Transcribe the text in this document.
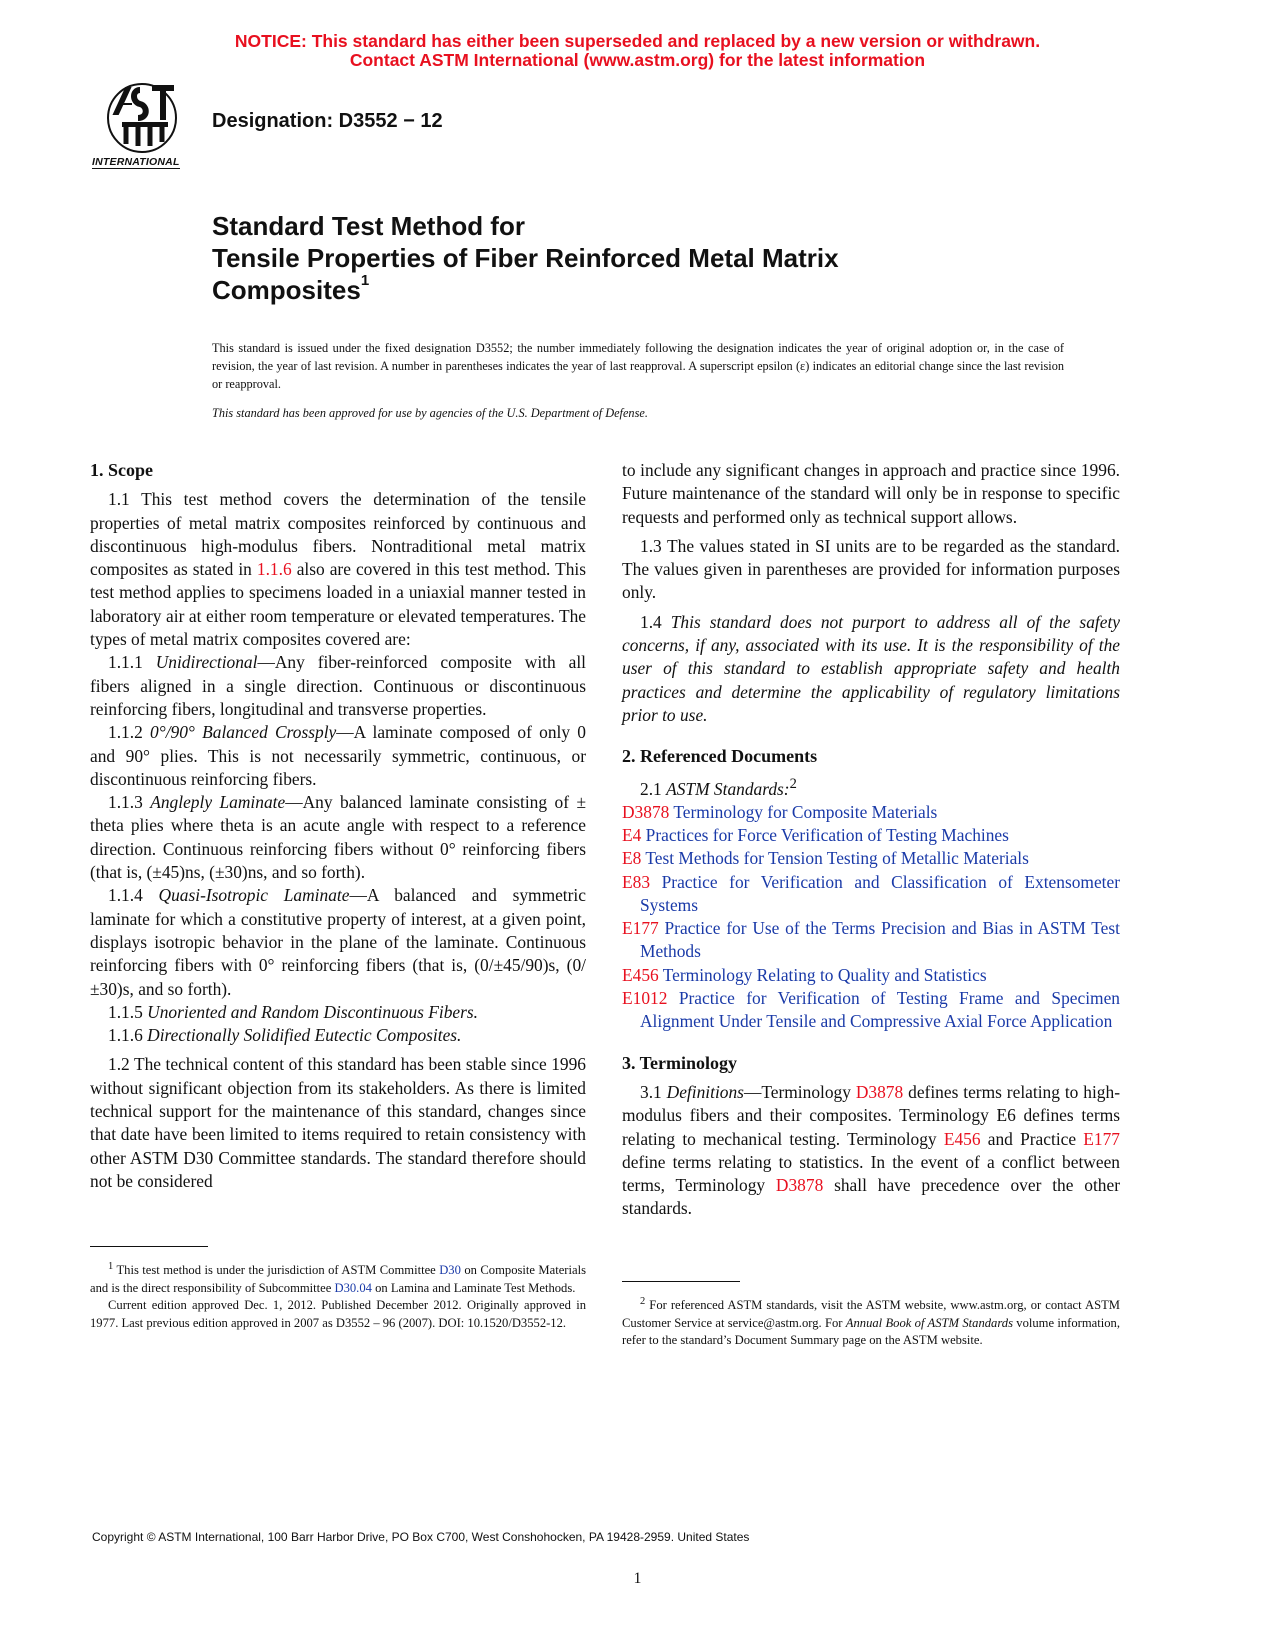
NOTICE: This standard has either been superseded and replaced by a new version or withdrawn.
Contact ASTM International (www.astm.org) for the latest information
INTERNATIONAL
Designation: D3552 − 12
Standard Test Method for
Tensile Properties of Fiber Reinforced Metal Matrix
Composites$^1$
This standard is issued under the fixed designation D3552; the number immediately following the designation indicates the year of original adoption or, in the case of revision, the year of last revision. A number in parentheses indicates the year of last reapproval. A superscript epsilon (ε) indicates an editorial change since the last revision or reapproval.
This standard has been approved for use by agencies of the U.S. Department of Defense.
1. Scope

1.1 This test method covers the determination of the tensile properties of metal matrix composites reinforced by continuous and discontinuous high-modulus fibers. Nontraditional metal matrix composites as stated in 1.1.6 also are covered in this test method. This test method applies to specimens loaded in a uniaxial manner tested in laboratory air at either room temperature or elevated temperatures. The types of metal matrix composites covered are:

1.1.1 Unidirectional—Any fiber-reinforced composite with all fibers aligned in a single direction. Continuous or discontinuous reinforcing fibers, longitudinal and transverse properties.

1.1.2 0°/90° Balanced Crossply—A laminate composed of only 0 and 90° plies. This is not necessarily symmetric, continuous, or discontinuous reinforcing fibers.

1.1.3 Angleply Laminate—Any balanced laminate consisting of ± theta plies where theta is an acute angle with respect to a reference direction. Continuous reinforcing fibers without 0° reinforcing fibers (that is, (±45)ns, (±30)ns, and so forth).

1.1.4 Quasi-Isotropic Laminate—A balanced and symmetric laminate for which a constitutive property of interest, at a given point, displays isotropic behavior in the plane of the laminate. Continuous reinforcing fibers with 0° reinforcing fibers (that is, (0/±45/90)s, (0/±30)s, and so forth).

1.1.5 Unoriented and Random Discontinuous Fibers.

1.1.6 Directionally Solidified Eutectic Composites.

1.2 The technical content of this standard has been stable since 1996 without significant objection from its stakeholders. As there is limited technical support for the maintenance of this standard, changes since that date have been limited to items required to retain consistency with other ASTM D30 Committee standards. The standard therefore should not be considered

$^1$ This test method is under the jurisdiction of ASTM Committee D30 on Composite Materials and is the direct responsibility of Subcommittee D30.04 on Lamina and Laminate Test Methods.

Current edition approved Dec. 1, 2012. Published December 2012. Originally approved in 1977. Last previous edition approved in 2007 as D3552 – 96 (2007). DOI: 10.1520/D3552-12.

to include any significant changes in approach and practice since 1996. Future maintenance of the standard will only be in response to specific requests and performed only as technical support allows.

1.3 The values stated in SI units are to be regarded as the standard. The values given in parentheses are provided for information purposes only.

1.4 This standard does not purport to address all of the safety concerns, if any, associated with its use. It is the responsibility of the user of this standard to establish appropriate safety and health practices and determine the applicability of regulatory limitations prior to use.

2. Referenced Documents

2.1 ASTM Standards:$^2$

D3878 Terminology for Composite Materials
E4 Practices for Force Verification of Testing Machines
E8 Test Methods for Tension Testing of Metallic Materials
E83 Practice for Verification and Classification of Extensometer Systems
E177 Practice for Use of the Terms Precision and Bias in ASTM Test Methods
E456 Terminology Relating to Quality and Statistics
E1012 Practice for Verification of Testing Frame and Specimen Alignment Under Tensile and Compressive Axial Force Application
3. Terminology

3.1 Definitions—Terminology D3878 defines terms relating to high-modulus fibers and their composites. Terminology E6 defines terms relating to mechanical testing. Terminology E456 and Practice E177 define terms relating to statistics. In the event of a conflict between terms, Terminology D3878 shall have precedence over the other standards.

$^2$ For referenced ASTM standards, visit the ASTM website, www.astm.org, or contact ASTM Customer Service at service@astm.org. For Annual Book of ASTM Standards volume information, refer to the standard’s Document Summary page on the ASTM website.

Copyright © ASTM International, 100 Barr Harbor Drive, PO Box C700, West Conshohocken, PA 19428-2959. United States
1
